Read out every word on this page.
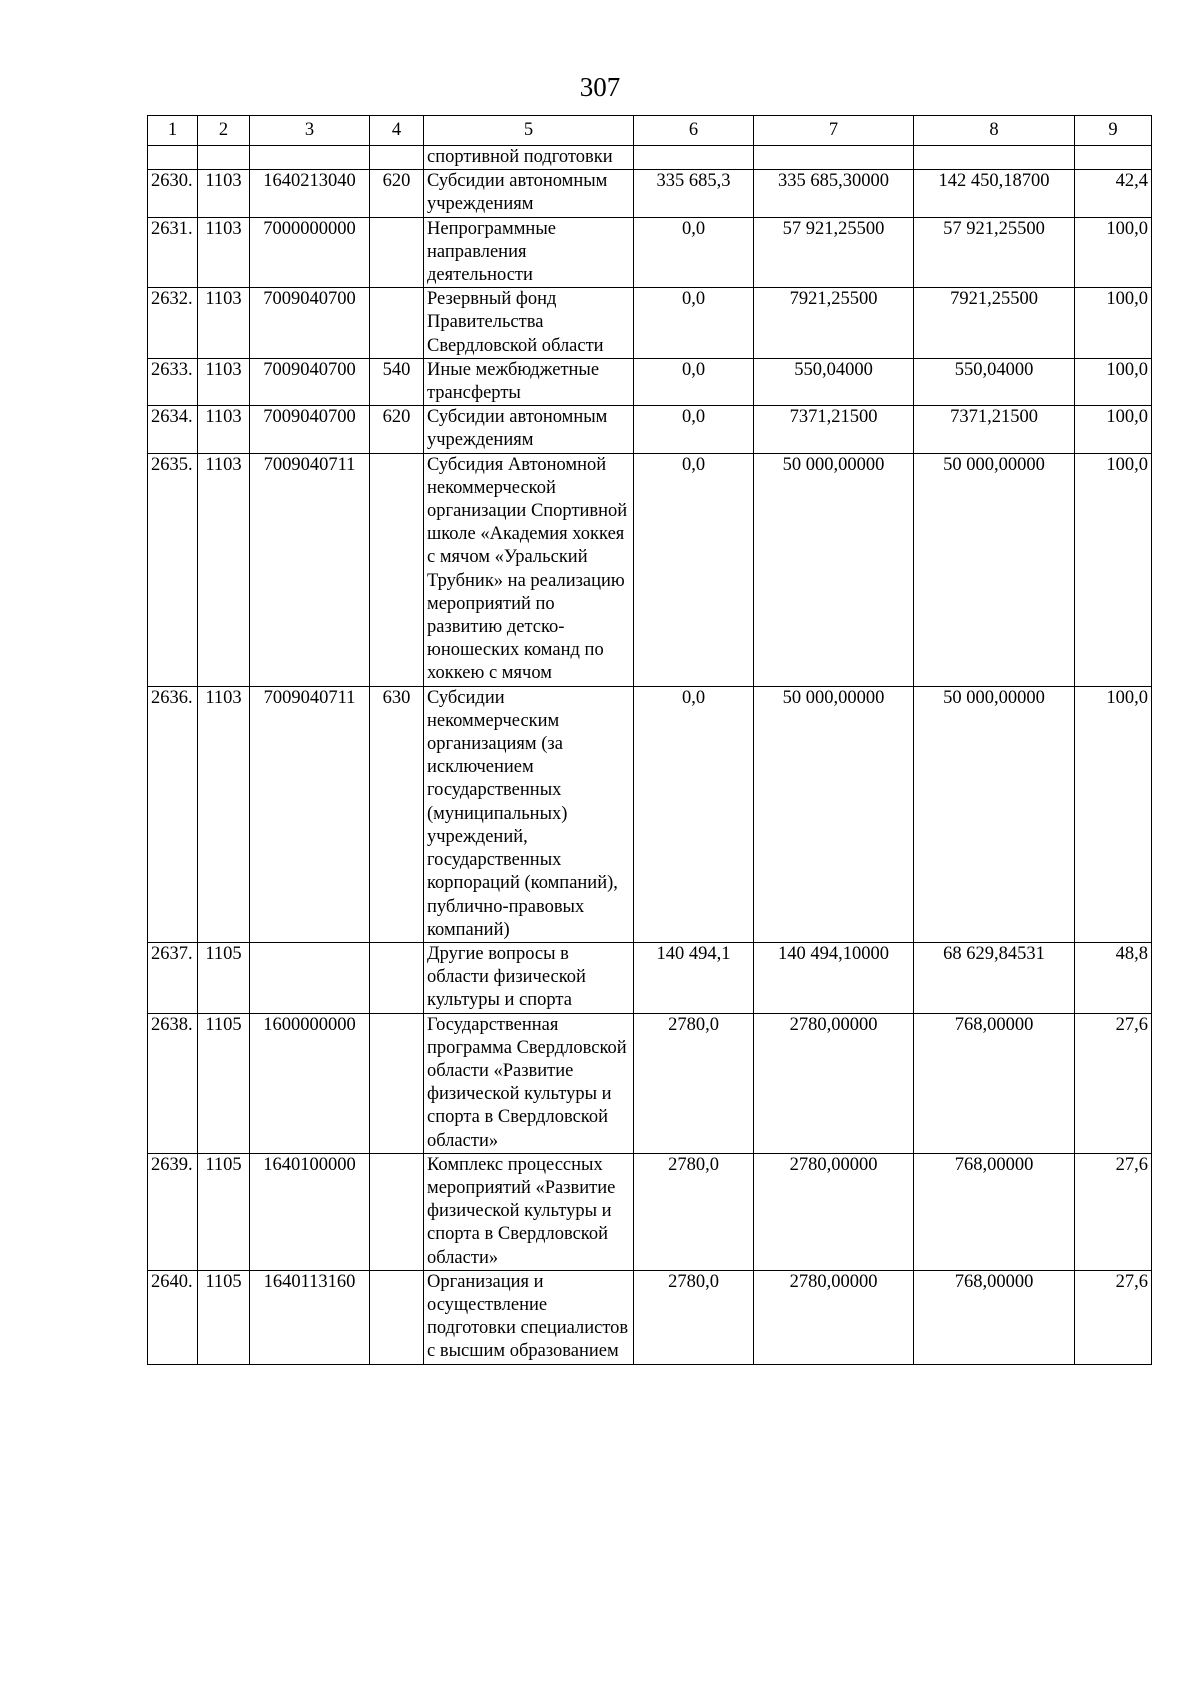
307
1	2	3	4	5	6	7	8	9
				спортивной подготовки				
2630.	1103	1640213040	620	Субсидии автономным учреждениям	335 685,3	335 685,30000	142 450,18700	42,4
2631.	1103	7000000000		Непрограммные направления деятельности	0,0	57 921,25500	57 921,25500	100,0
2632.	1103	7009040700		Резервный фонд Правительства Свердловской области	0,0	7921,25500	7921,25500	100,0
2633.	1103	7009040700	540	Иные межбюджетные трансферты	0,0	550,04000	550,04000	100,0
2634.	1103	7009040700	620	Субсидии автономным учреждениям	0,0	7371,21500	7371,21500	100,0
2635.	1103	7009040711		Субсидия Автономной некоммерческой организации Спортивной школе «Академия хоккея с мячом «Уральский Трубник» на реализацию мероприятий по развитию детско-юношеских команд по хоккею с мячом	0,0	50 000,00000	50 000,00000	100,0
2636.	1103	7009040711	630	Субсидии некоммерческим организациям (за исключением государственных (муниципальных) учреждений, государственных корпораций (компаний), публично-правовых компаний)	0,0	50 000,00000	50 000,00000	100,0
2637.	1105			Другие вопросы в области физической культуры и спорта	140 494,1	140 494,10000	68 629,84531	48,8
2638.	1105	1600000000		Государственная программа Свердловской области «Развитие физической культуры и спорта в Свердловской области»	2780,0	2780,00000	768,00000	27,6
2639.	1105	1640100000		Комплекс процессных мероприятий «Развитие физической культуры и спорта в Свердловской области»	2780,0	2780,00000	768,00000	27,6
2640.	1105	1640113160		Организация и осуществление подготовки специалистов с высшим образованием	2780,0	2780,00000	768,00000	27,6
